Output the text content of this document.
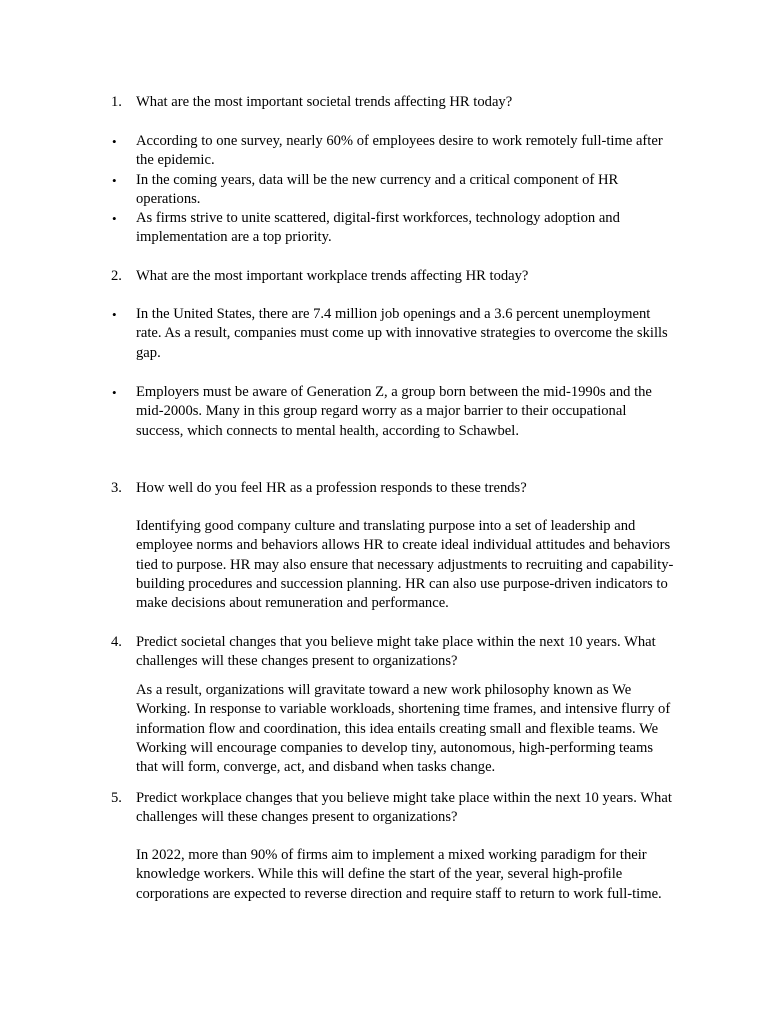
1. What are the most important societal trends affecting HR today?
• According to one survey, nearly 60% of employees desire to work remotely full-time after the epidemic.
• In the coming years, data will be the new currency and a critical component of HR operations.
• As firms strive to unite scattered, digital-first workforces, technology adoption and implementation are a top priority.
2. What are the most important workplace trends affecting HR today?
• In the United States, there are 7.4 million job openings and a 3.6 percent unemployment rate. As a result, companies must come up with innovative strategies to overcome the skills gap.
• Employers must be aware of Generation Z, a group born between the mid-1990s and the mid-2000s. Many in this group regard worry as a major barrier to their occupational success, which connects to mental health, according to Schawbel.
3. How well do you feel HR as a profession responds to these trends?
Identifying good company culture and translating purpose into a set of leadership and employee norms and behaviors allows HR to create ideal individual attitudes and behaviors tied to purpose. HR may also ensure that necessary adjustments to recruiting and capability-building procedures and succession planning. HR can also use purpose-driven indicators to make decisions about remuneration and performance.
4. Predict societal changes that you believe might take place within the next 10 years. What challenges will these changes present to organizations?
As a result, organizations will gravitate toward a new work philosophy known as We Working. In response to variable workloads, shortening time frames, and intensive flurry of information flow and coordination, this idea entails creating small and flexible teams. We Working will encourage companies to develop tiny, autonomous, high-performing teams that will form, converge, act, and disband when tasks change.
5. Predict workplace changes that you believe might take place within the next 10 years. What challenges will these changes present to organizations?
In 2022, more than 90% of firms aim to implement a mixed working paradigm for their knowledge workers. While this will define the start of the year, several high-profile corporations are expected to reverse direction and require staff to return to work full-time.
